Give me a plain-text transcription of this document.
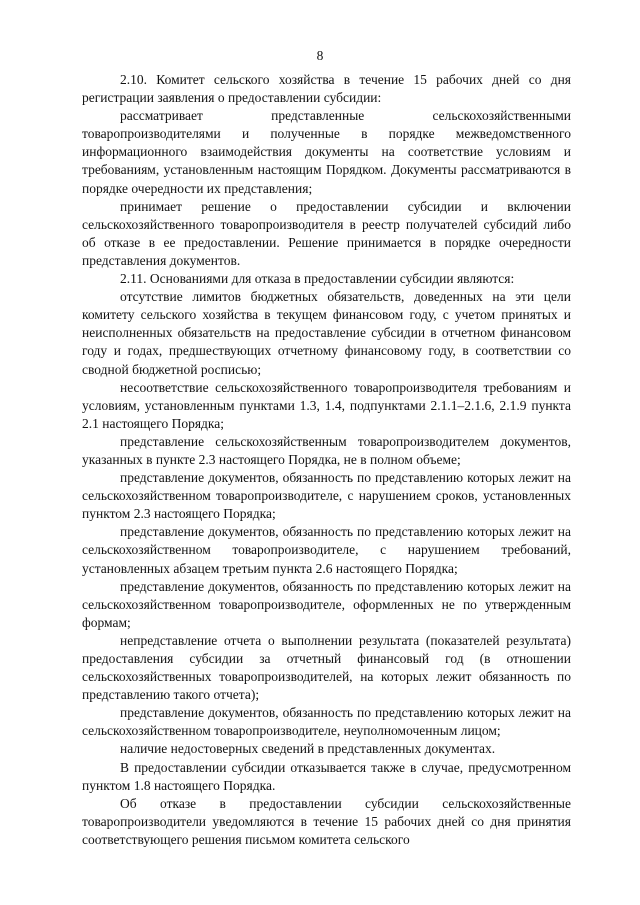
8

2.10. Комитет сельского хозяйства в течение 15 рабочих дней со дня регистрации заявления о предоставлении субсидии:

рассматривает представленные сельскохозяйственными товаропроизводителями и полученные в порядке межведомственного информационного взаимодействия документы на соответствие условиям и требованиям, установленным настоящим Порядком. Документы рассматриваются в порядке очередности их представления;

принимает решение о предоставлении субсидии и включении сельскохозяйственного товаропроизводителя в реестр получателей субсидий либо об отказе в ее предоставлении. Решение принимается в порядке очередности представления документов.

2.11. Основаниями для отказа в предоставлении субсидии являются:

отсутствие лимитов бюджетных обязательств, доведенных на эти цели комитету сельского хозяйства в текущем финансовом году, с учетом принятых и неисполненных обязательств на предоставление субсидии в отчетном финансовом году и годах, предшествующих отчетному финансовому году, в соответствии со сводной бюджетной росписью;

несоответствие сельскохозяйственного товаропроизводителя требованиям и условиям, установленным пунктами 1.3, 1.4, подпунктами 2.1.1–2.1.6, 2.1.9 пункта 2.1 настоящего Порядка;

представление сельскохозяйственным товаропроизводителем документов, указанных в пункте 2.3 настоящего Порядка, не в полном объеме;

представление документов, обязанность по представлению которых лежит на сельскохозяйственном товаропроизводителе, с нарушением сроков, установленных пунктом 2.3 настоящего Порядка;

представление документов, обязанность по представлению которых лежит на сельскохозяйственном товаропроизводителе, с нарушением требований, установленных абзацем третьим пункта 2.6 настоящего Порядка;

представление документов, обязанность по представлению которых лежит на сельскохозяйственном товаропроизводителе, оформленных не по утвержденным формам;

непредставление отчета о выполнении результата (показателей результата) предоставления субсидии за отчетный финансовый год (в отношении сельскохозяйственных товаропроизводителей, на которых лежит обязанность по представлению такого отчета);

представление документов, обязанность по представлению которых лежит на сельскохозяйственном товаропроизводителе, неуполномоченным лицом;

наличие недостоверных сведений в представленных документах.

В предоставлении субсидии отказывается также в случае, предусмотренном пунктом 1.8 настоящего Порядка.

Об отказе в предоставлении субсидии сельскохозяйственные товаропроизводители уведомляются в течение 15 рабочих дней со дня принятия соответствующего решения письмом комитета сельского
